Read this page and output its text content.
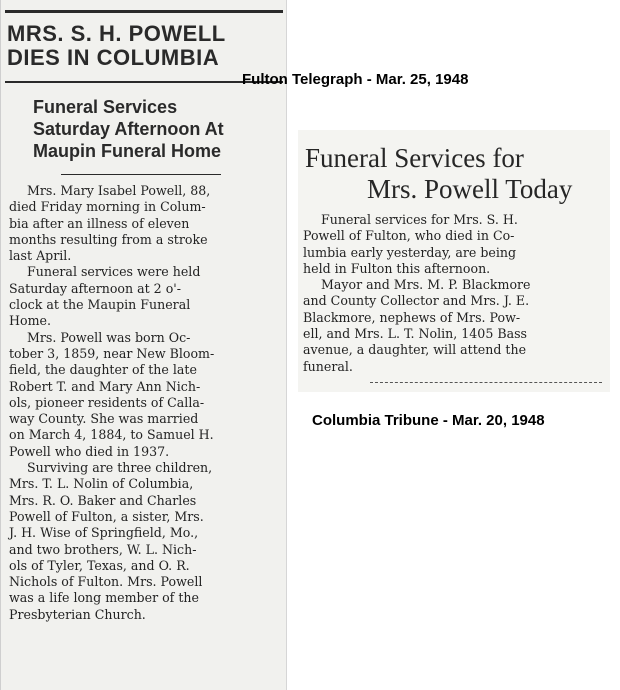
MRS. S. H. POWELL
DIES IN COLUMBIA
Funeral Services
Saturday Afternoon At
Maupin Funeral Home
Mrs. Mary Isabel Powell, 88,
died Friday morning in Colum-
bia after an illness of eleven
months resulting from a stroke
last April.
Funeral services were held
Saturday afternoon at 2 o'-
clock at the Maupin Funeral
Home.
Mrs. Powell was born Oc-
tober 3, 1859, near New Bloom-
field, the daughter of the late
Robert T. and Mary Ann Nich-
ols, pioneer residents of Calla-
way County. She was married
on March 4, 1884, to Samuel H.
Powell who died in 1937.
Surviving are three children,
Mrs. T. L. Nolin of Columbia,
Mrs. R. O. Baker and Charles
Powell of Fulton, a sister, Mrs.
J. H. Wise of Springfield, Mo.,
and two brothers, W. L. Nich-
ols of Tyler, Texas, and O. R.
Nichols of Fulton. Mrs. Powell
was a life long member of the
Presbyterian Church.
Fulton Telegraph - Mar. 25, 1948
Funeral Services for
Mrs. Powell Today
Funeral services for Mrs. S. H.
Powell of Fulton, who died in Co-
lumbia early yesterday, are being
held in Fulton this afternoon.
Mayor and Mrs. M. P. Blackmore
and County Collector and Mrs. J. E.
Blackmore, nephews of Mrs. Pow-
ell, and Mrs. L. T. Nolin, 1405 Bass
avenue, a daughter, will attend the
funeral.
Columbia Tribune - Mar. 20, 1948
